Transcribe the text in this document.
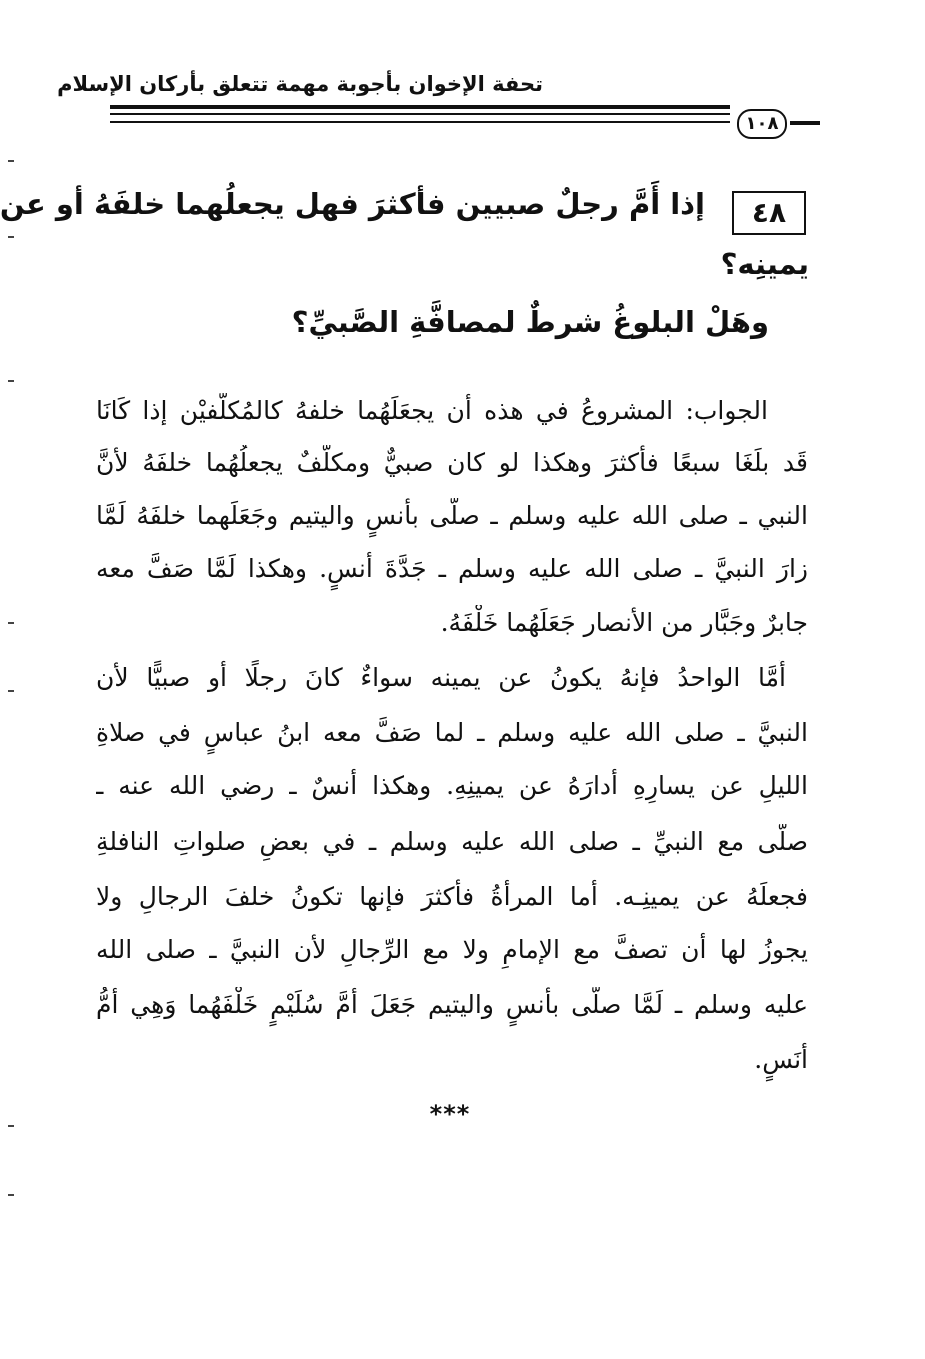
تحفة الإخوان بأجوبة مهمة تتعلق بأركان الإسلام
١٠٨
٤٨
إذا أَمَّ رجلٌ صبيين فأكثرَ فهل يجعلُهما خلفَهُ أو عن
يمينِه؟
وهَلْ البلوغُ شرطٌ لمصافَّةِ الصَّبيِّ؟
الجواب: المشروعُ في هذه أن يجعَلَهُما خلفهُ كالمُكلَّفيْن إذا كَانَا
قَد بلَغَا سبعًا فأكثرَ وهكذا لو كان صبيٌّ ومكلَّفٌ يجعلُهُما خلفَهُ لأنَّ
النبي ـ صلى الله عليه وسلم ـ صلَّى بأنسٍ واليتيم وجَعَلَهما خلفَهُ لَمَّا
زارَ النبيَّ ـ صلى الله عليه وسلم ـ جَدَّةَ أنسٍ. وهكذا لَمَّا صَفَّ معه
جابرٌ وجَبَّار من الأنصار جَعَلَهُما خَلْفَهُ.
أَمَّا الواحدُ فإنهُ يكونُ عن يمينه سواءٌ كانَ رجلًا أو صبيًّا لأن
النبيَّ ـ صلى الله عليه وسلم ـ لما صَفَّ معه ابنُ عباسٍ في صلاةِ
الليلِ عن يسارِهِ أدارَهُ عن يمينِهِ. وهكذا أنسٌ ـ رضي الله عنه ـ
صلَّى مع النبيِّ ـ صلى الله عليه وسلم ـ في بعضِ صلواتِ النافلةِ
فجعلَهُ عن يمينِـه. أما المرأةُ فأكثرَ فإنها تكونُ خلفَ الرجالِ ولا
يجوزُ لها أن تصفَّ مع الإمامِ ولا مع الرِّجالِ لأن النبيَّ ـ صلى الله
عليه وسلم ـ لَمَّا صلَّى بأنسٍ واليتيم جَعَلَ أمَّ سُلَيْمٍ خَلْفَهُما وَهِي أمُّ
أنَسٍ.
***
